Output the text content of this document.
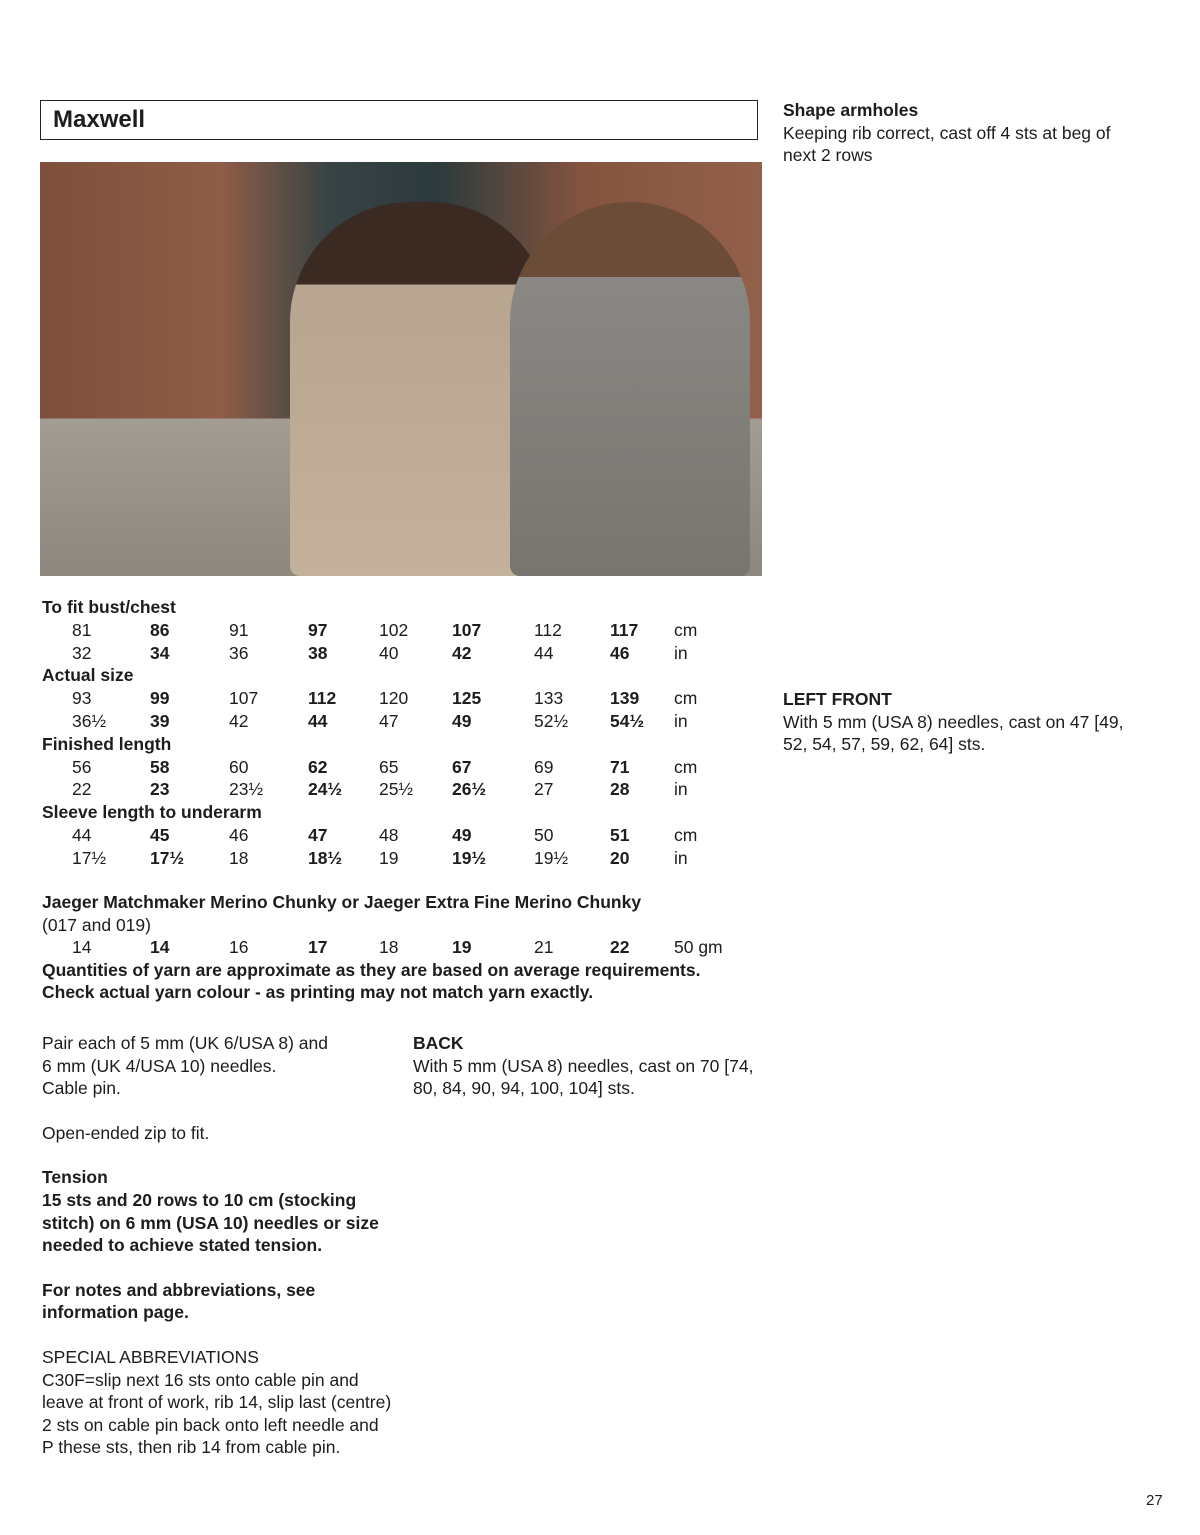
Maxwell
To fit bust/chest
81	86	91	97	102	107	112	117 cm
32	34	36	38	40	42	44	46	in
Actual size
93	99	107	112 120	125	133	139 cm
36½	39	42	44	47	49	52½ 54½ in
Finished length
56	58	60	62	65	67	69	71	cm
22	23	23½	24½ 25½ 26½	27	28	in
Sleeve length to underarm
44	45	46	47	48	49	50	51	cm
17½	17½	18	18½ 19	19½	19½ 20	in

Jaeger Matchmaker Merino Chunky or Jaeger Extra Fine Merino Chunky

(017 and 019)

14	14	16	17	18	19	21	22	50 gm

Quantities of yarn are approximate as they are based on average requirements.

Check actual yarn colour - as printing may not match yarn exactly.

Pair each of 5 mm (UK 6/USA 8) and

6 mm (UK 4/USA 10) needles.

Cable pin.

Open-ended zip to fit.

Tension

15 sts and 20 rows to 10 cm (stocking stitch) on 6 mm (USA 10) needles or size needed to achieve stated tension.

For notes and abbreviations, see information page.

SPECIAL ABBREVIATIONS

C30F=slip next 16 sts onto cable pin and leave at front of work, rib 14, slip last (centre) 2 sts on cable pin back onto left needle and P these sts, then rib 14 from cable pin.

BACK

With 5 mm (USA 8) needles, cast on 70 [74, 80, 84, 90, 94, 100, 104] sts.

Shape armholes

Keeping rib correct, cast off 4 sts at beg of next 2 rows

LEFT FRONT

With 5 mm (USA 8) needles, cast on 47 [49, 52, 54, 57, 59, 62, 64] sts.

27
